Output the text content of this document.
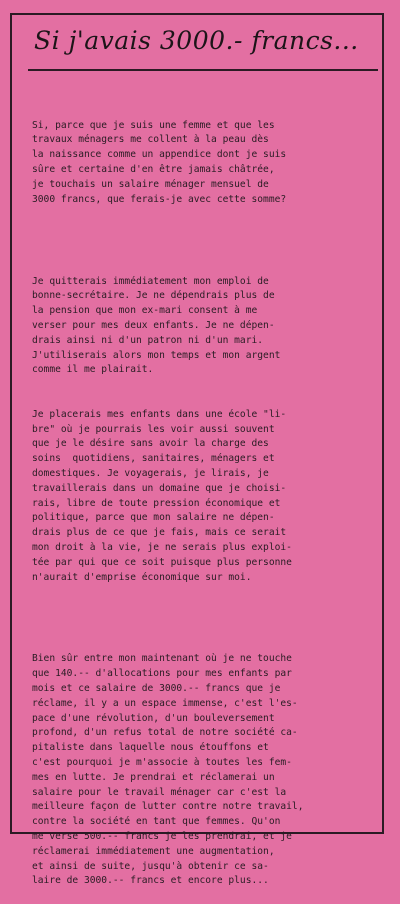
Si j'avais 3000.- francs...

Si, parce que je suis une femme et que les
travaux ménagers me collent à la peau dès
la naissance comme un appendice dont je suis
sûre et certaine d'en être jamais châtrée,
je touchais un salaire ménager mensuel de
3000 francs, que ferais-je avec cette somme?

Je quitterais immédiatement mon emploi de
bonne-secrétaire. Je ne dépendrais plus de
la pension que mon ex-mari consent à me
verser pour mes deux enfants. Je ne dépen-
drais ainsi ni d'un patron ni d'un mari.
J'utiliserais alors mon temps et mon argent
comme il me plairait.

Je placerais mes enfants dans une école "li-
bre" où je pourrais les voir aussi souvent
que je le désire sans avoir la charge des
soins  quotidiens, sanitaires, ménagers et
domestiques. Je voyagerais, je lirais, je
travaillerais dans un domaine que je choisi-
rais, libre de toute pression économique et
politique, parce que mon salaire ne dépen-
drais plus de ce que je fais, mais ce serait
mon droit à la vie, je ne serais plus exploi-
tée par qui que ce soit puisque plus personne
n'aurait d'emprise économique sur moi.

Bien sûr entre mon maintenant où je ne touche
que 140.-- d'allocations pour mes enfants par
mois et ce salaire de 3000.-- francs que je
réclame, il y a un espace immense, c'est l'es-
pace d'une révolution, d'un bouleversement
profond, d'un refus total de notre société ca-
pitaliste dans laquelle nous étouffons et
c'est pourquoi je m'associe à toutes les fem-
mes en lutte. Je prendrai et réclamerai un
salaire pour le travail ménager car c'est la
meilleure façon de lutter contre notre travail,
contre la société en tant que femmes. Qu'on
me verse 500.-- francs je les prendrai, et je
réclamerai immédiatement une augmentation,
et ainsi de suite, jusqu'à obtenir ce sa-
laire de 3000.-- francs et encore plus...
